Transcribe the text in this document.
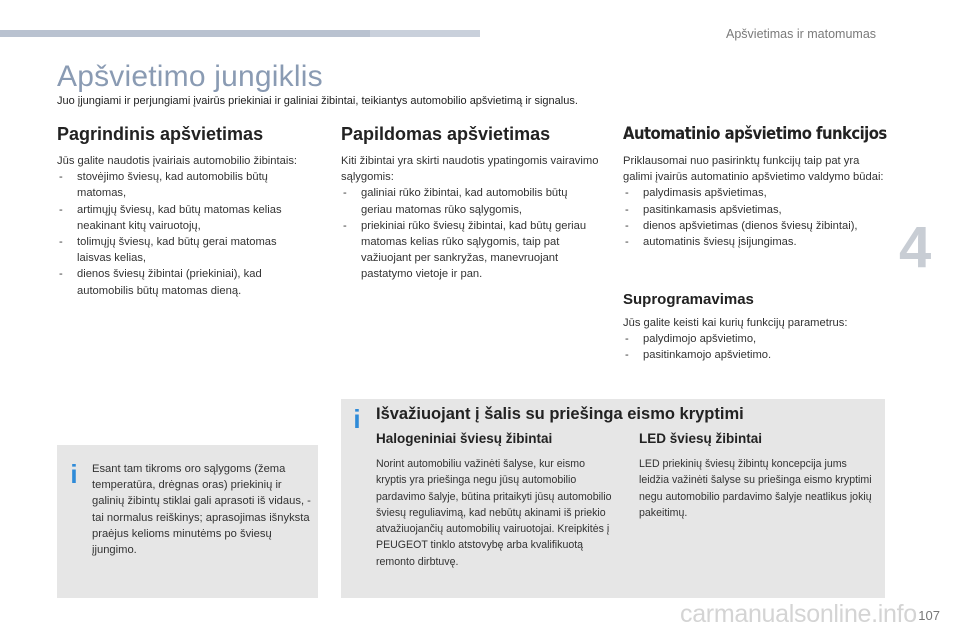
Apšvietimas ir matomumas
4
Apšvietimo jungiklis

Juo įjungiami ir perjungiami įvairūs priekiniai ir galiniai žibintai, teikiantys automobilio apšvietimą ir signalus.

Pagrindinis apšvietimas
Jūs galite naudotis įvairiais automobilio žibintais:
- stovėjimo šviesų, kad automobilis būtų matomas,
- artimųjų šviesų, kad būtų matomas kelias neakinant kitų vairuotojų,
- tolimųjų šviesų, kad būtų gerai matomas laisvas kelias,
- dienos šviesų žibintai (priekiniai), kad automobilis būtų matomas dieną.
Papildomas apšvietimas
Kiti žibintai yra skirti naudotis ypatingomis vairavimo sąlygomis:
- galiniai rūko žibintai, kad automobilis būtų geriau matomas rūko sąlygomis,
- priekiniai rūko šviesų žibintai, kad būtų geriau matomas kelias rūko sąlygomis, taip pat važiuojant per sankryžas, manevruojant pastatymo vietoje ir pan.
Automatinio apšvietimo funkcijos
Priklausomai nuo pasirinktų funkcijų taip pat yra galimi įvairūs automatinio apšvietimo valdymo būdai:
- palydimasis apšvietimas,
- pasitinkamasis apšvietimas,
- dienos apšvietimas (dienos šviesų žibintai),
- automatinis šviesų įsijungimas.
Suprogramavimas
Jūs galite keisti kai kurių funkcijų parametrus:
- palydimojo apšvietimo,
- pasitinkamojo apšvietimo.
i Esant tam tikroms oro sąlygoms (žema temperatūra, drėgnas oras) priekinių ir galinių žibintų stiklai gali aprasoti iš vidaus, - tai normalus reiškinys; aprasojimas išnyksta praėjus kelioms minutėms po šviesų įjungimo.
i Išvažiuojant į šalis su priešinga eismo kryptimi
Halogeniniai šviesų žibintai

Norint automobiliu važinėti šalyse, kur eismo kryptis yra priešinga negu jūsų automobilio pardavimo šalyje, būtina pritaikyti jūsų automobilio šviesų reguliavimą, kad nebūtų akinami iš priekio atvažiuojančių automobilių vairuotojai. Kreipkitės į PEUGEOT tinklo atstovybę arba kvalifikuotą remonto dirbtuvę.

LED šviesų žibintai

LED priekinių šviesų žibintų koncepcija jums leidžia važinėti šalyse su priešinga eismo kryptimi negu automobilio pardavimo šalyje neatlikus jokių pakeitimų.

carmanualsonline.info 107
